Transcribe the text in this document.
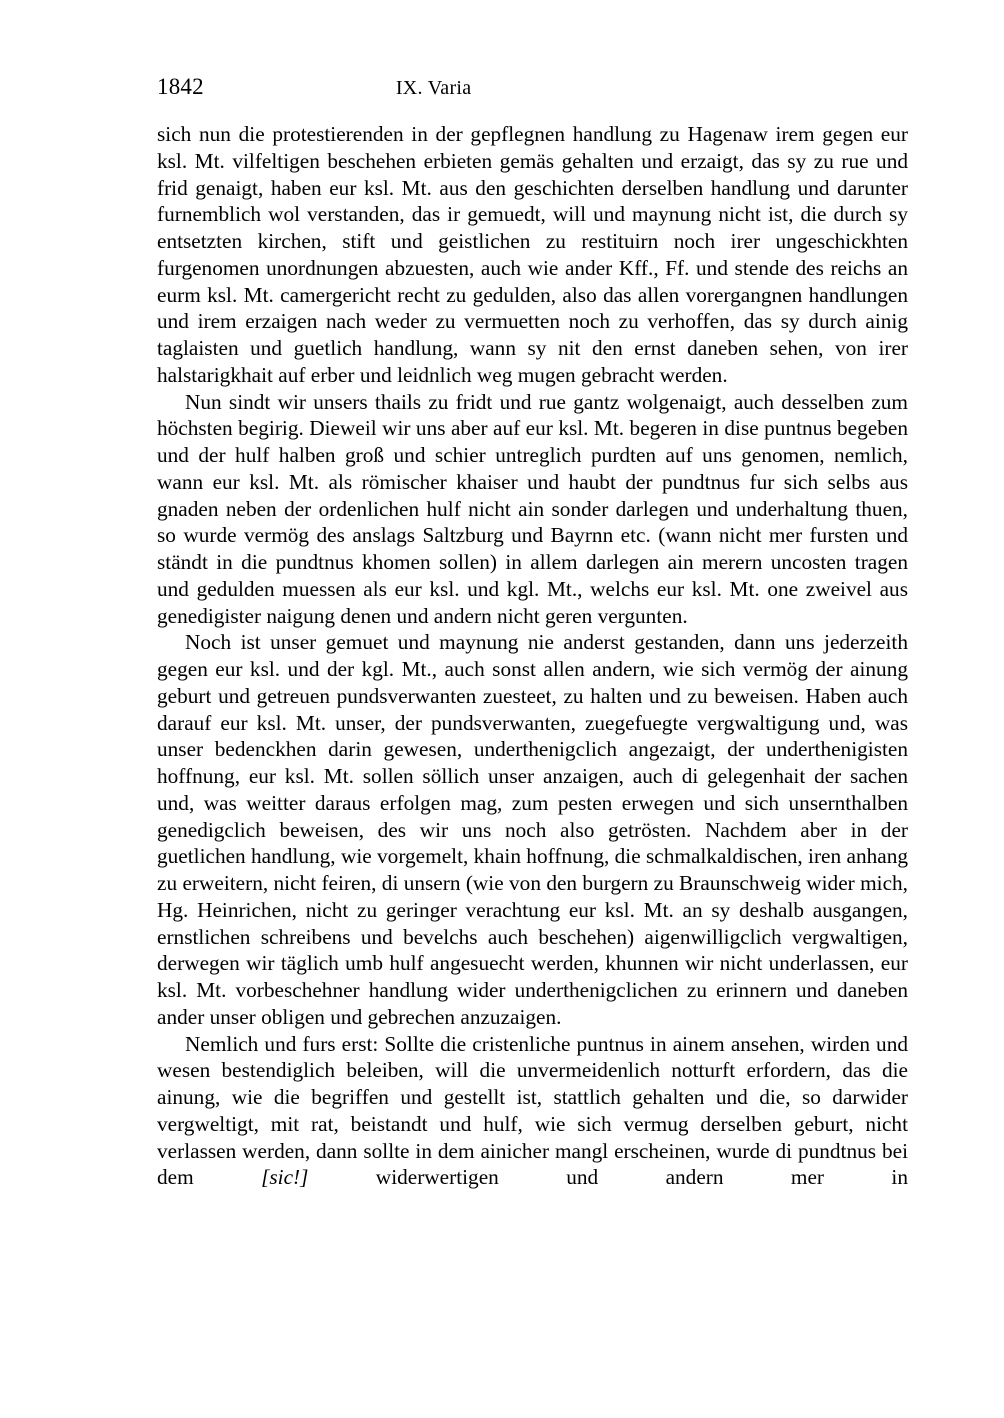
1842	IX. Varia

sich nun die protestierenden in der gepflegnen handlung zu Hagenaw irem gegen eur ksl. Mt. vilfeltigen beschehen erbieten gemäs gehalten und erzaigt, das sy zu rue und frid genaigt, haben eur ksl. Mt. aus den geschichten derselben handlung und darunter furnemblich wol verstanden, das ir gemuedt, will und maynung nicht ist, die durch sy entsetzten kirchen, stift und geistlichen zu restituirn noch irer ungeschickhten furgenomen unordnungen abzuesten, auch wie ander Kff., Ff. und stende des reichs an eurm ksl. Mt. camergericht recht zu gedulden, also das allen vorergangnen handlungen und irem erzaigen nach weder zu vermuetten noch zu verhoffen, das sy durch ainig taglaisten und guetlich handlung, wann sy nit den ernst daneben sehen, von irer halstarigkhait auf erber und leidnlich weg mugen gebracht werden.

Nun sindt wir unsers thails zu fridt und rue gantz wolgenaigt, auch desselben zum höchsten begirig. Dieweil wir uns aber auf eur ksl. Mt. begeren in dise puntnus begeben und der hulf halben groß und schier untreglich purdten auf uns genomen, nemlich, wann eur ksl. Mt. als römischer khaiser und haubt der pundtnus fur sich selbs aus gnaden neben der ordenlichen hulf nicht ain sonder darlegen und underhaltung thuen, so wurde vermög des anslags Saltzburg und Bayrnn etc. (wann nicht mer fursten und ständt in die pundtnus khomen sollen) in allem darlegen ain merern uncosten tragen und gedulden muessen als eur ksl. und kgl. Mt., welchs eur ksl. Mt. one zweivel aus genedigister naigung denen und andern nicht geren vergunten.

Noch ist unser gemuet und maynung nie anderst gestanden, dann uns jederzeith gegen eur ksl. und der kgl. Mt., auch sonst allen andern, wie sich vermög der ainung geburt und getreuen pundsverwanten zuesteet, zu halten und zu beweisen. Haben auch darauf eur ksl. Mt. unser, der pundsverwanten, zuegefuegte vergwaltigung und, was unser bedenckhen darin gewesen, underthenigclich angezaigt, der underthenigisten hoffnung, eur ksl. Mt. sollen söllich unser anzaigen, auch di gelegenhait der sachen und, was weitter daraus erfolgen mag, zum pesten erwegen und sich unsernthalben genedigclich beweisen, des wir uns noch also getrösten. Nachdem aber in der guetlichen handlung, wie vorgemelt, khain hoffnung, die schmalkaldischen, iren anhang zu erweitern, nicht feiren, di unsern (wie von den burgern zu Braunschweig wider mich, Hg. Heinrichen, nicht zu geringer verachtung eur ksl. Mt. an sy deshalb ausgangen, ernstlichen schreibens und bevelchs auch beschehen) aigenwilligclich vergwaltigen, derwegen wir täglich umb hulf angesuecht werden, khunnen wir nicht underlassen, eur ksl. Mt. vorbeschehner handlung wider underthenigclichen zu erinnern und daneben ander unser obligen und gebrechen anzuzaigen.

Nemlich und furs erst: Sollte die cristenliche puntnus in ainem ansehen, wirden und wesen bestendiglich beleiben, will die unvermeidenlich notturft erfordern, das die ainung, wie die begriffen und gestellt ist, stattlich gehalten und die, so darwider vergweltigt, mit rat, beistandt und hulf, wie sich vermug derselben geburt, nicht verlassen werden, dann sollte in dem ainicher mangl erscheinen, wurde di pundtnus bei dem [sic!] widerwertigen und andern mer in
